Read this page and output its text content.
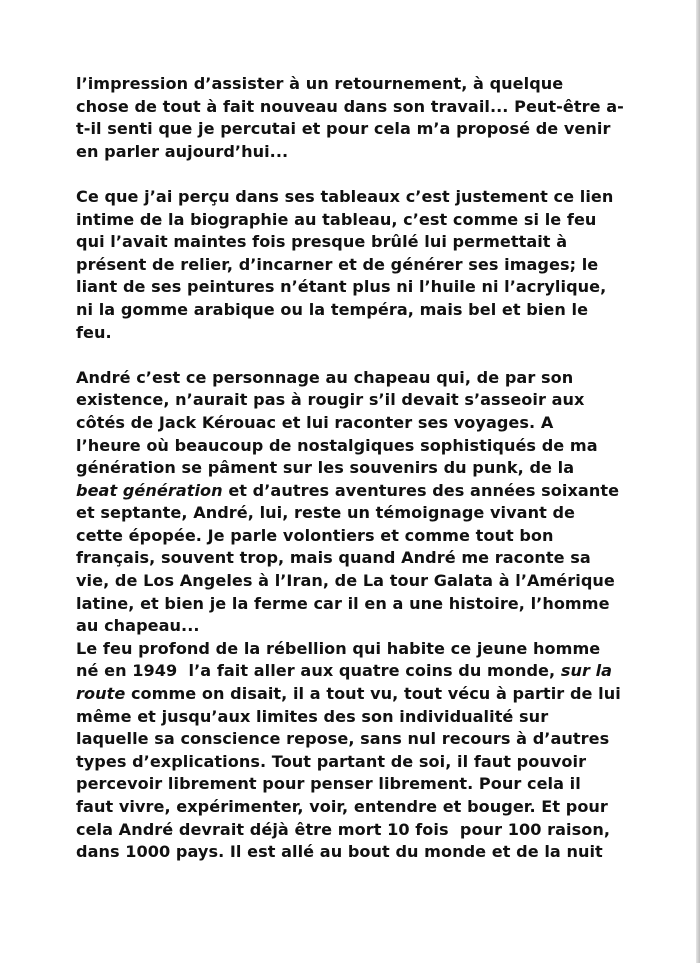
l’impression d’assister à un retournement, à quelque
chose de tout à fait nouveau dans son travail... Peut-être a-
t-il senti que je percutai et pour cela m’a proposé de venir
en parler aujourd’hui...

Ce que j’ai perçu dans ses tableaux c’est justement ce lien
intime de la biographie au tableau, c’est comme si le feu
qui l’avait maintes fois presque brûlé lui permettait à
présent de relier, d’incarner et de générer ses images; le
liant de ses peintures n’étant plus ni l’huile ni l’acrylique,
ni la gomme arabique ou la tempéra, mais bel et bien le
feu.

André c’est ce personnage au chapeau qui, de par son
existence, n’aurait pas à rougir s’il devait s’asseoir aux
côtés de Jack Kérouac et lui raconter ses voyages. A
l’heure où beaucoup de nostalgiques sophistiqués de ma
génération se pâment sur les souvenirs du punk, de la
beat génération et d’autres aventures des années soixante
et septante, André, lui, reste un témoignage vivant de
cette épopée. Je parle volontiers et comme tout bon
français, souvent trop, mais quand André me raconte sa
vie, de Los Angeles à l’Iran, de La tour Galata à l’Amérique
latine, et bien je la ferme car il en a une histoire, l’homme
au chapeau...
Le feu profond de la rébellion qui habite ce jeune homme
né en 1949  l’a fait aller aux quatre coins du monde, sur la
route comme on disait, il a tout vu, tout vécu à partir de lui
même et jusqu’aux limites des son individualité sur
laquelle sa conscience repose, sans nul recours à d’autres
types d’explications. Tout partant de soi, il faut pouvoir
percevoir librement pour penser librement. Pour cela il
faut vivre, expérimenter, voir, entendre et bouger. Et pour
cela André devrait déjà être mort 10 fois  pour 100 raison,
dans 1000 pays. Il est allé au bout du monde et de la nuit
